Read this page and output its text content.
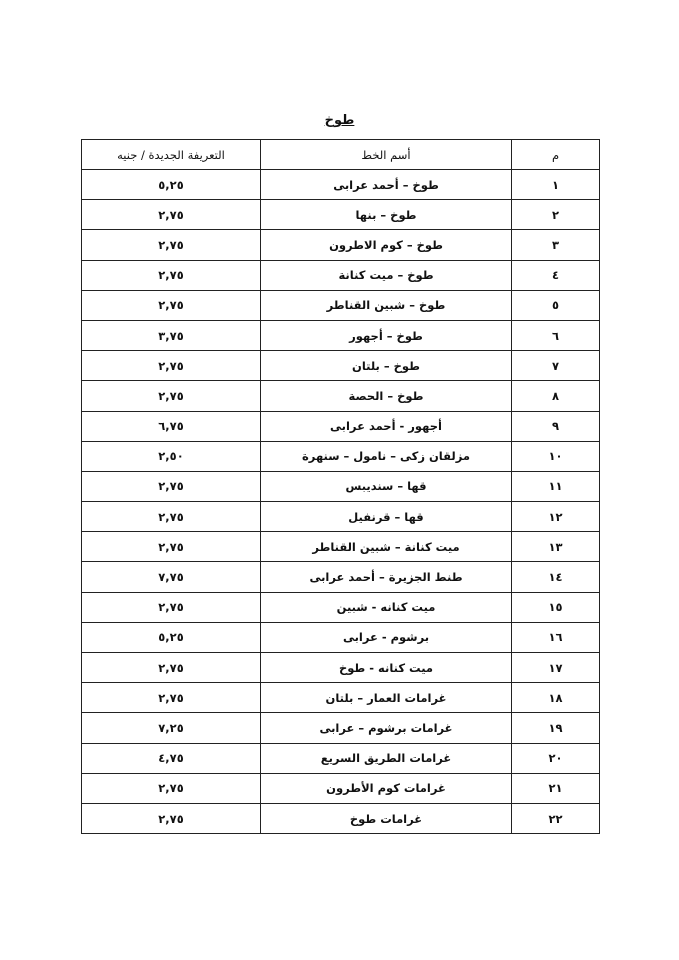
طوخ
م	أسم الخط	التعريفة الجديدة / جنيه
١	طوخ – أحمد عرابى	٥,٢٥
٢	طوخ – بنها	٢,٧٥
٣	طوخ – كوم الاطرون	٢,٧٥
٤	طوخ – ميت كنانة	٢,٧٥
٥	طوخ – شبين القناطر	٢,٧٥
٦	طوخ – أجهور	٣,٧٥
٧	طوخ – بلتان	٢,٧٥
٨	طوخ – الحصة	٢,٧٥
٩	أجهور - أحمد عرابى	٦,٧٥
١٠	مزلقان زكى – نامول – سنهرة	٢,٥٠
١١	قها – سنديبس	٢,٧٥
١٢	قها – قرنفيل	٢,٧٥
١٣	ميت كنانة – شبين القناطر	٢,٧٥
١٤	طنط الجزيرة – أحمد عرابى	٧,٧٥
١٥	ميت كنانه - شبين	٢,٧٥
١٦	برشوم - عرابى	٥,٢٥
١٧	ميت كنانه - طوخ	٢,٧٥
١٨	غرامات العمار – بلتان	٢,٧٥
١٩	غرامات برشوم – عرابى	٧,٢٥
٢٠	غرامات الطريق السريع	٤,٧٥
٢١	غرامات كوم الأطرون	٢,٧٥
٢٢	غرامات طوخ	٢,٧٥
